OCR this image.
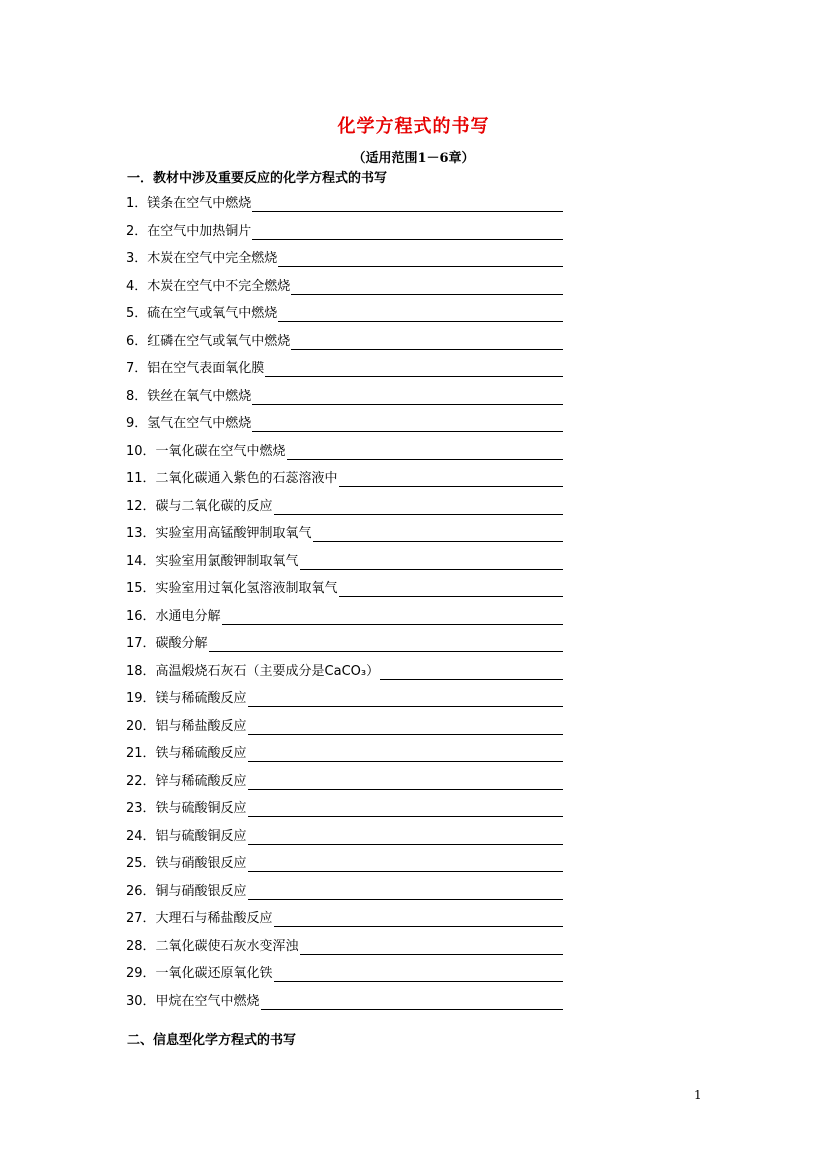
化学方程式的书写
（适用范围1－6章）
一．教材中涉及重要反应的化学方程式的书写
1． 镁条在空气中燃烧
2． 在空气中加热铜片
3． 木炭在空气中完全燃烧
4． 木炭在空气中不完全燃烧
5． 硫在空气或氧气中燃烧
6． 红磷在空气或氧气中燃烧
7． 铝在空气表面氧化膜
8． 铁丝在氧气中燃烧
9． 氢气在空气中燃烧
10． 一氧化碳在空气中燃烧
11． 二氧化碳通入紫色的石蕊溶液中
12． 碳与二氧化碳的反应
13． 实验室用高锰酸钾制取氧气
14． 实验室用氯酸钾制取氧气
15． 实验室用过氧化氢溶液制取氧气
16． 水通电分解
17． 碳酸分解
18． 高温煅烧石灰石（主要成分是CaCO₃）
19． 镁与稀硫酸反应
20． 铝与稀盐酸反应
21． 铁与稀硫酸反应
22． 锌与稀硫酸反应
23． 铁与硫酸铜反应
24． 铝与硫酸铜反应
25． 铁与硝酸银反应
26． 铜与硝酸银反应
27． 大理石与稀盐酸反应
28． 二氧化碳使石灰水变浑浊
29． 一氧化碳还原氧化铁
30． 甲烷在空气中燃烧
二、信息型化学方程式的书写
1
